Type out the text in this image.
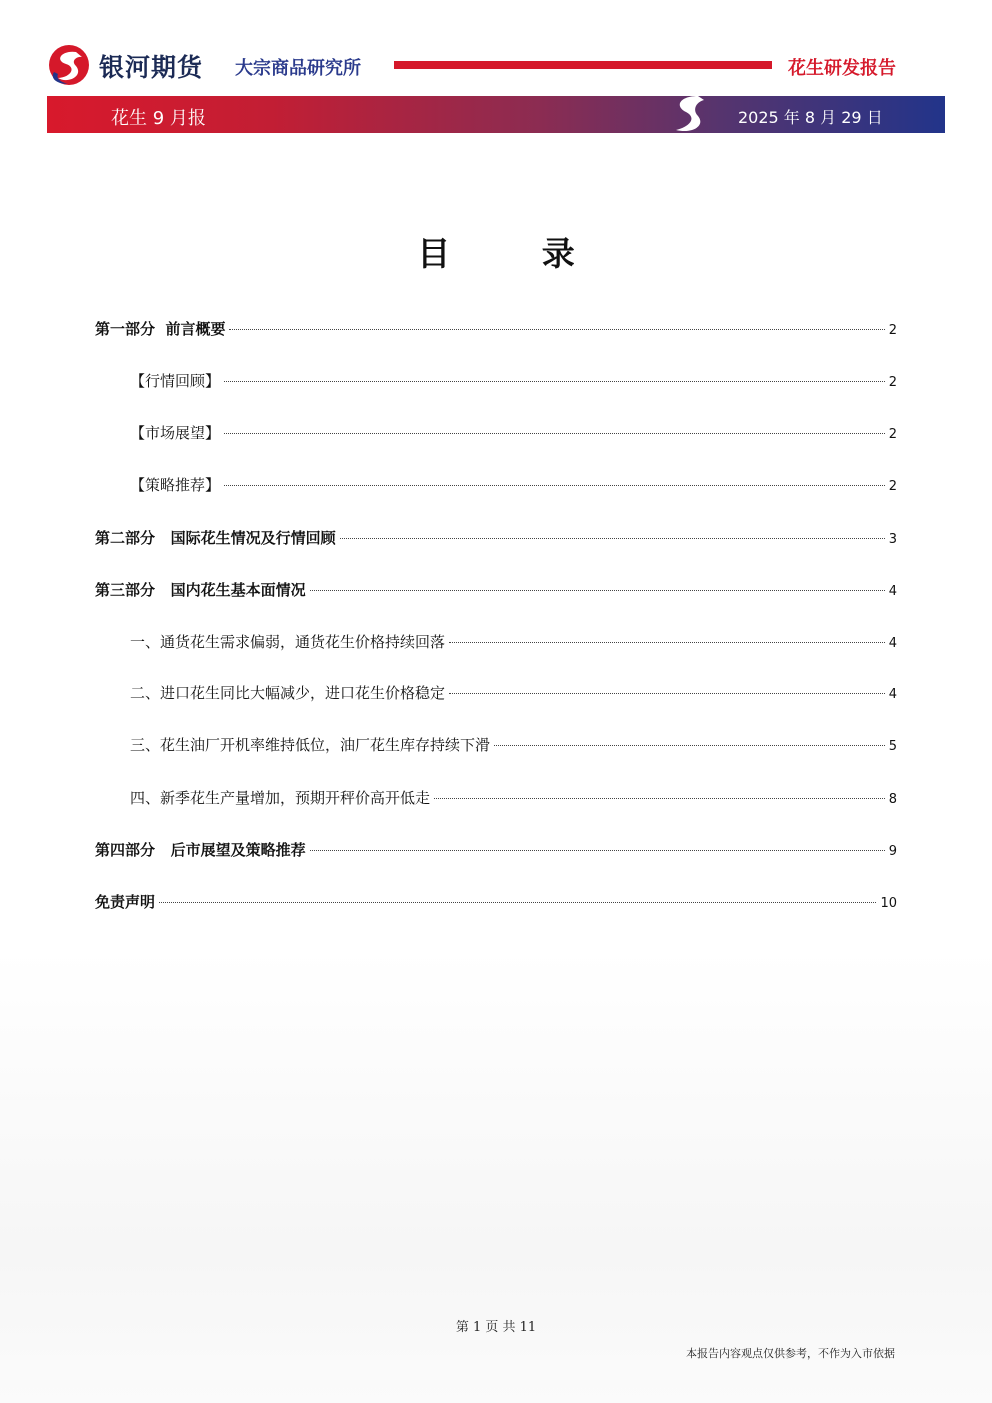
银河期货 大宗商品研究所	花生研发报告
花生 9 月报	2025 年 8 月 29 日
目 录
第一部分  前言概要	2
【行情回顾】	2
【市场展望】	2
【策略推荐】	2
第二部分   国际花生情况及行情回顾	3
第三部分   国内花生基本面情况	4
一、通货花生需求偏弱，通货花生价格持续回落	4
二、进口花生同比大幅减少，进口花生价格稳定	4
三、花生油厂开机率维持低位，油厂花生库存持续下滑	5
四、新季花生产量增加，预期开秤价高开低走	8
第四部分   后市展望及策略推荐	9
免责声明	10
第 1 页 共 11
本报告内容观点仅供参考，不作为入市依据
